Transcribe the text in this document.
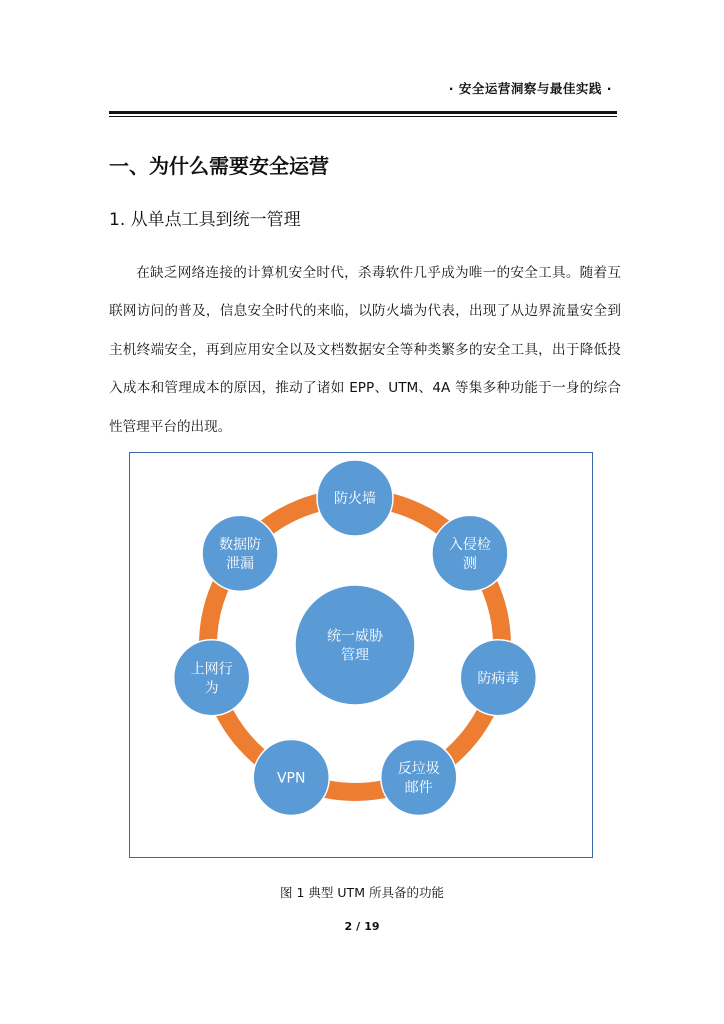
· 安全运营洞察与最佳实践 ·
一、为什么需要安全运营
1. 从单点工具到统一管理

在缺乏网络连接的计算机安全时代，杀毒软件几乎成为唯一的安全工具。随着互联网访问的普及，信息安全时代的来临，以防火墙为代表，出现了从边界流量安全到主机终端安全，再到应用安全以及文档数据安全等种类繁多的安全工具，出于降低投入成本和管理成本的原因，推动了诸如 EPP、UTM、4A 等集多种功能于一身的综合性管理平台的出现。

统一威胁管理
防火墙
入侵检测
防病毒
反垃圾邮件
VPN
上网行为
数据防泄漏
图 1 典型 UTM 所具备的功能
2 / 19
